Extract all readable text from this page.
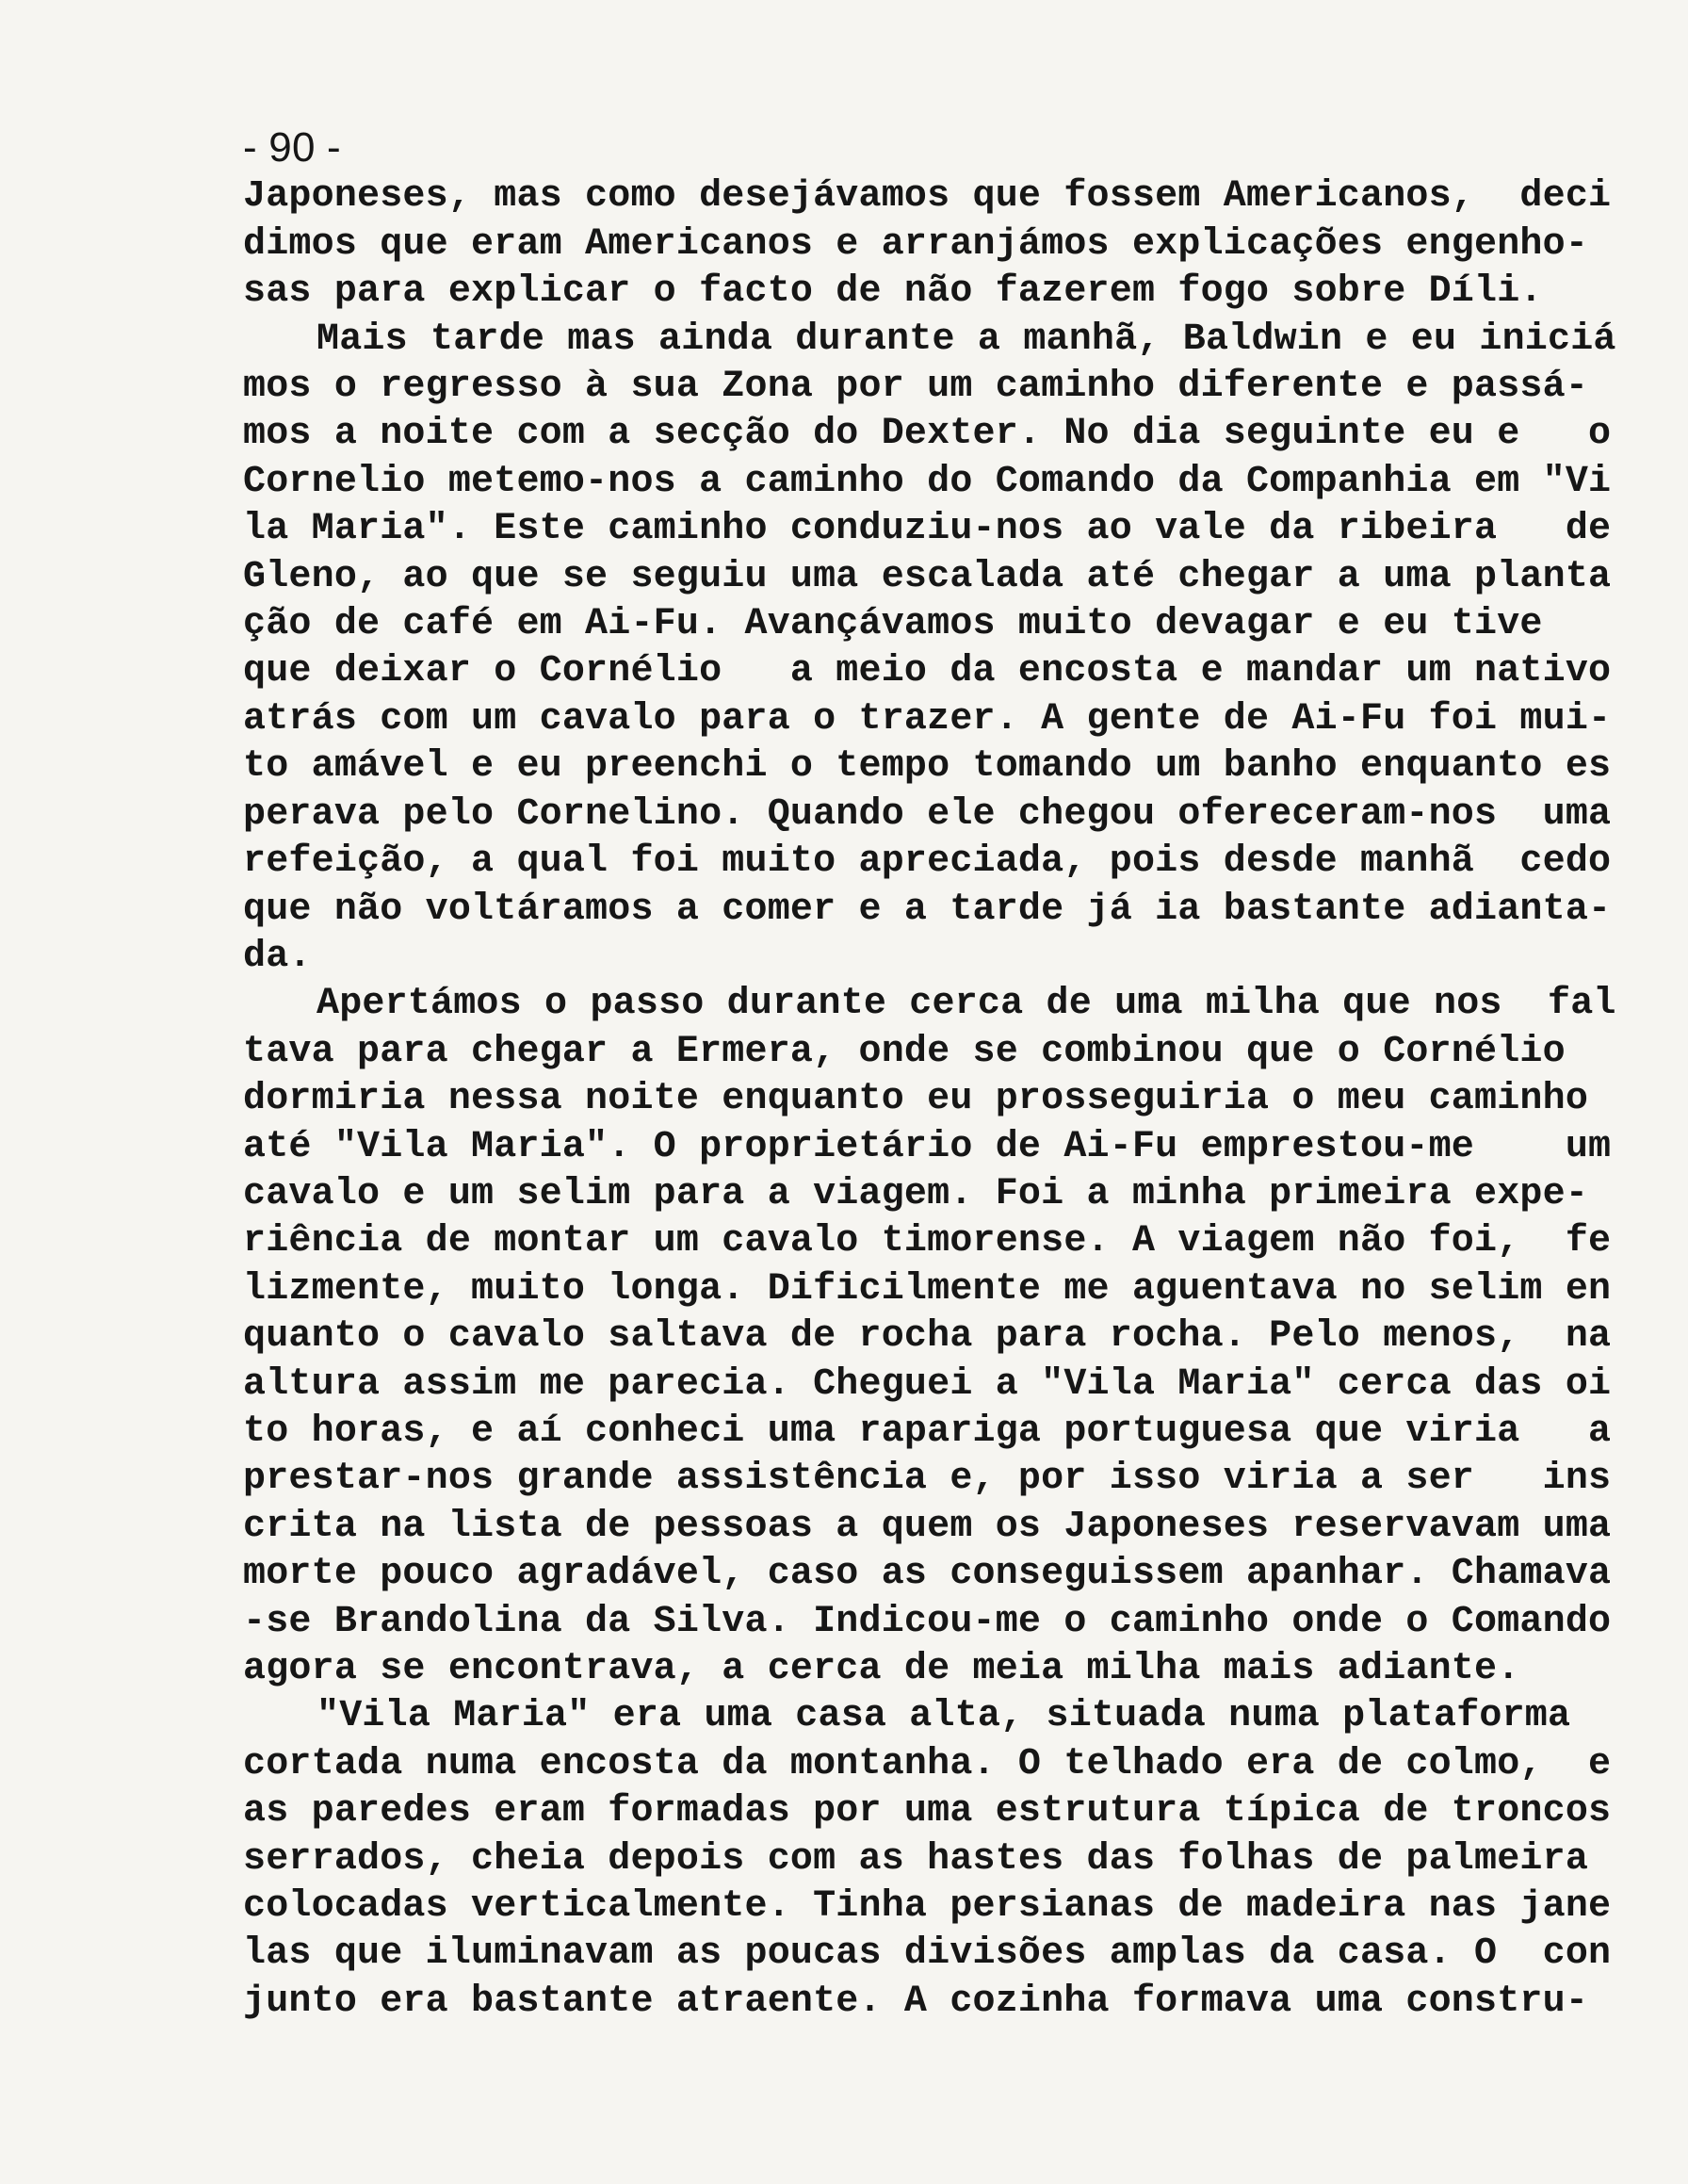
- 90 -
Japoneses, mas como desejávamos que fossem Americanos,  deci
dimos que eram Americanos e arranjámos explicações engenho-
sas para explicar o facto de não fazerem fogo sobre Díli.
Mais tarde mas ainda durante a manhã, Baldwin e eu iniciá
mos o regresso à sua Zona por um caminho diferente e passá-
mos a noite com a secção do Dexter. No dia seguinte eu e   o
Cornelio metemo-nos a caminho do Comando da Companhia em "Vi
la Maria". Este caminho conduziu-nos ao vale da ribeira   de
Gleno, ao que se seguiu uma escalada até chegar a uma planta
ção de café em Ai-Fu. Avançávamos muito devagar e eu tive
que deixar o Cornélio   a meio da encosta e mandar um nativo
atrás com um cavalo para o trazer. A gente de Ai-Fu foi mui-
to amável e eu preenchi o tempo tomando um banho enquanto es
perava pelo Cornelino. Quando ele chegou ofereceram-nos  uma
refeição, a qual foi muito apreciada, pois desde manhã  cedo
que não voltáramos a comer e a tarde já ia bastante adianta-
da.
Apertámos o passo durante cerca de uma milha que nos  fal
tava para chegar a Ermera, onde se combinou que o Cornélio
dormiria nessa noite enquanto eu prosseguiria o meu caminho
até "Vila Maria". O proprietário de Ai-Fu emprestou-me    um
cavalo e um selim para a viagem. Foi a minha primeira expe-
riência de montar um cavalo timorense. A viagem não foi,  fe
lizmente, muito longa. Dificilmente me aguentava no selim en
quanto o cavalo saltava de rocha para rocha. Pelo menos,  na
altura assim me parecia. Cheguei a "Vila Maria" cerca das oi
to horas, e aí conheci uma rapariga portuguesa que viria   a
prestar-nos grande assistência e, por isso viria a ser   ins
crita na lista de pessoas a quem os Japoneses reservavam uma
morte pouco agradável, caso as conseguissem apanhar. Chamava
-se Brandolina da Silva. Indicou-me o caminho onde o Comando
agora se encontrava, a cerca de meia milha mais adiante.
"Vila Maria" era uma casa alta, situada numa plataforma
cortada numa encosta da montanha. O telhado era de colmo,  e
as paredes eram formadas por uma estrutura típica de troncos
serrados, cheia depois com as hastes das folhas de palmeira
colocadas verticalmente. Tinha persianas de madeira nas jane
las que iluminavam as poucas divisões amplas da casa. O  con
junto era bastante atraente. A cozinha formava uma constru-
